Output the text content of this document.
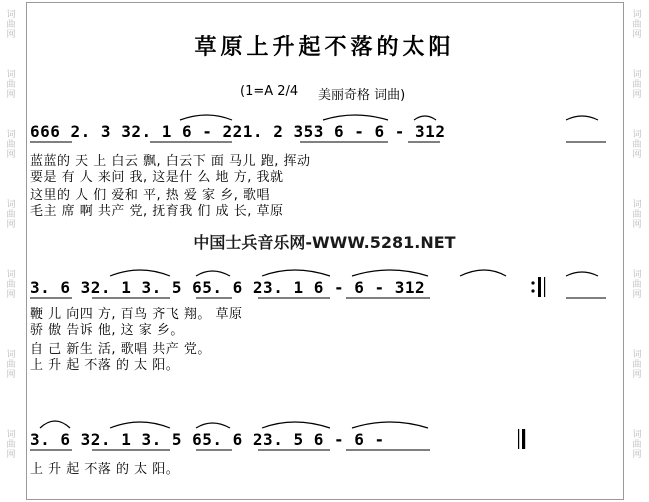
词
曲
网
词
曲
网
词
曲
网
词
曲
网
词
曲
网
词
曲
网
词
曲
网
词
曲
网
词
曲
网
词
曲
网
词
曲
网
词
曲
网
词
曲
网
词
曲
网
草原上升起不落的太阳
(1=A 2/4 美丽奇格 词曲)
666 2. 3 32. 1 6 - 221. 2 353 6 - 6 - 312
蓝蓝的 天 上 白云 飘, 白云下 面 马儿 跑, 挥动
要是 有 人 来问 我, 这是什 么 地 方, 我就
这里的 人 们 爱和 平, 热 爱 家 乡, 歌唱
毛主 席 啊 共产 党, 抚育我 们 成 长, 草原
中国士兵音乐网-WWW.5281.NET
3. 6 32. 1 3. 5 65. 6 23. 1 6 - 6 - 312
鞭 儿 向四 方, 百鸟 齐飞 翔。 草原
骄 傲 告诉 他, 这 家 乡。
自 己 新生 活, 歌唱 共产 党。
上 升 起 不落 的 太 阳。
3. 6 32. 1 3. 5 65. 6 23. 5 6 - 6 -
上 升 起 不落 的 太 阳。
